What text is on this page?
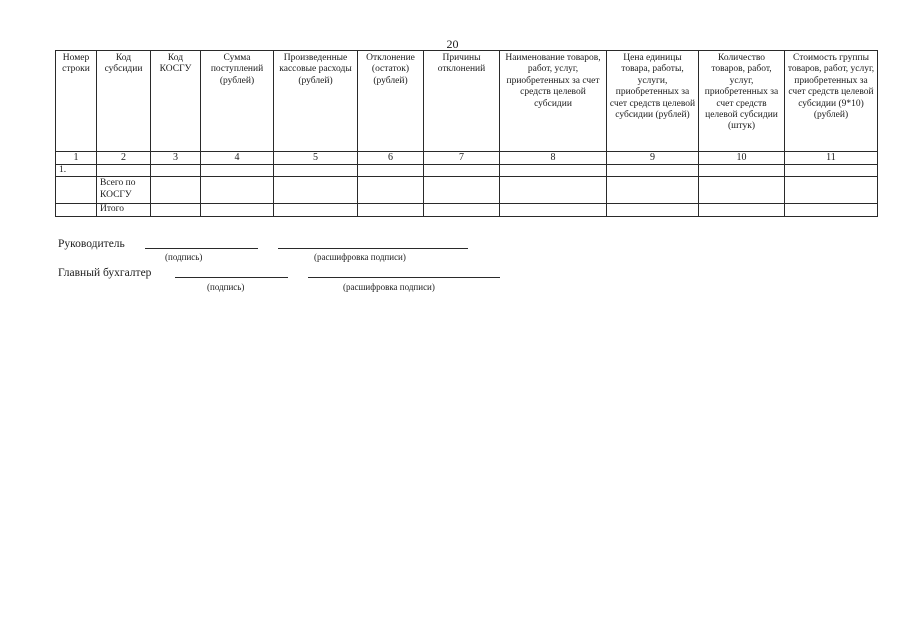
20
Номер строки	Код субсидии	Код КОСГУ	Сумма поступлений (рублей)	Произведенные кассовые расходы (рублей)	Отклонение (остаток) (рублей)	Причины отклонений	Наименование товаров, работ, услуг, приобретенных за счет средств целевой субсидии	Цена единицы товара, работы, услуги, приобретенных за счет средств целевой субсидии (рублей)	Количество товаров, работ, услуг, приобретенных за счет средств целевой субсидии (штук)	Стоимость группы товаров, работ, услуг, приобретенных за счет средств целевой субсидии (9*10) (рублей)
1	2	3	4	5	6	7	8	9	10	11
1.										
	Всего по КОСГУ									
	Итого									
Руководитель
(подпись)	(расшифровка подписи)
Главный бухгалтер
(подпись)	(расшифровка подписи)
